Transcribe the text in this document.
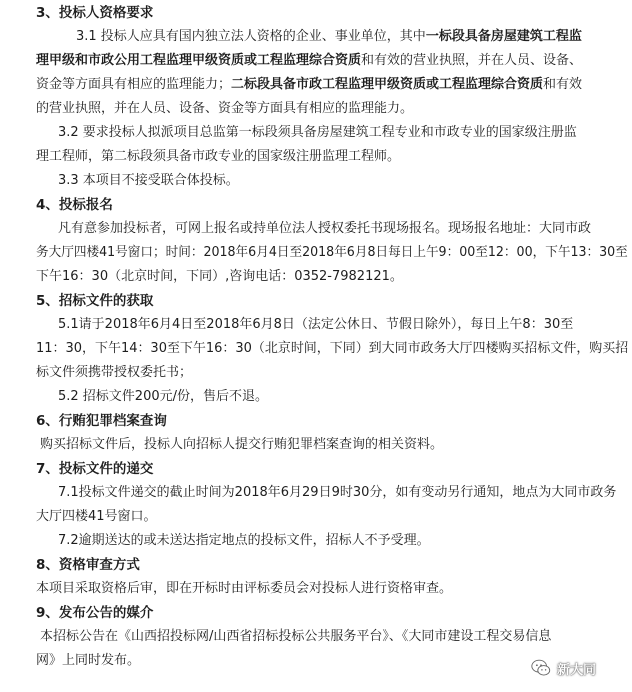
3、投标人资格要求
3.1 投标人应具有国内独立法人资格的企业、事业单位，其中一标段具备房屋建筑工程监
理甲级和市政公用工程监理甲级资质或工程监理综合资质和有效的营业执照，并在人员、设备、
资金等方面具有相应的监理能力；二标段具备市政工程监理甲级资质或工程监理综合资质和有效
的营业执照，并在人员、设备、资金等方面具有相应的监理能力。
3.2 要求投标人拟派项目总监第一标段须具备房屋建筑工程专业和市政专业的国家级注册监
理工程师，第二标段须具备市政专业的国家级注册监理工程师。
3.3 本项目不接受联合体投标。
4、投标报名
凡有意参加投标者，可网上报名或持单位法人授权委托书现场报名。现场报名地址：大同市政
务大厅四楼41号窗口；时间：2018年6月4日至2018年6月8日每日上午9：00至12：00，下午13：30至
下午16：30（北京时间，下同）,咨询电话：0352-7982121。
5、招标文件的获取
5.1请于2018年6月4日至2018年6月8日（法定公休日、节假日除外），每日上午8：30至
11：30，下午14：30至下午16：30（北京时间，下同）到大同市政务大厅四楼购买招标文件，购买招
标文件须携带授权委托书；
5.2 招标文件200元/份，售后不退。
6、行贿犯罪档案查询
购买招标文件后，投标人向招标人提交行贿犯罪档案查询的相关资料。
7、投标文件的递交
7.1投标文件递交的截止时间为2018年6月29日9时30分，如有变动另行通知，地点为大同市政务
大厅四楼41号窗口。
7.2逾期送达的或未送达指定地点的投标文件，招标人不予受理。
8、资格审查方式
本项目采取资格后审，即在开标时由评标委员会对投标人进行资格审查。
9、发布公告的媒介
本招标公告在《山西招投标网/山西省招标投标公共服务平台》、《大同市建设工程交易信息
网》上同时发布。
新大同
